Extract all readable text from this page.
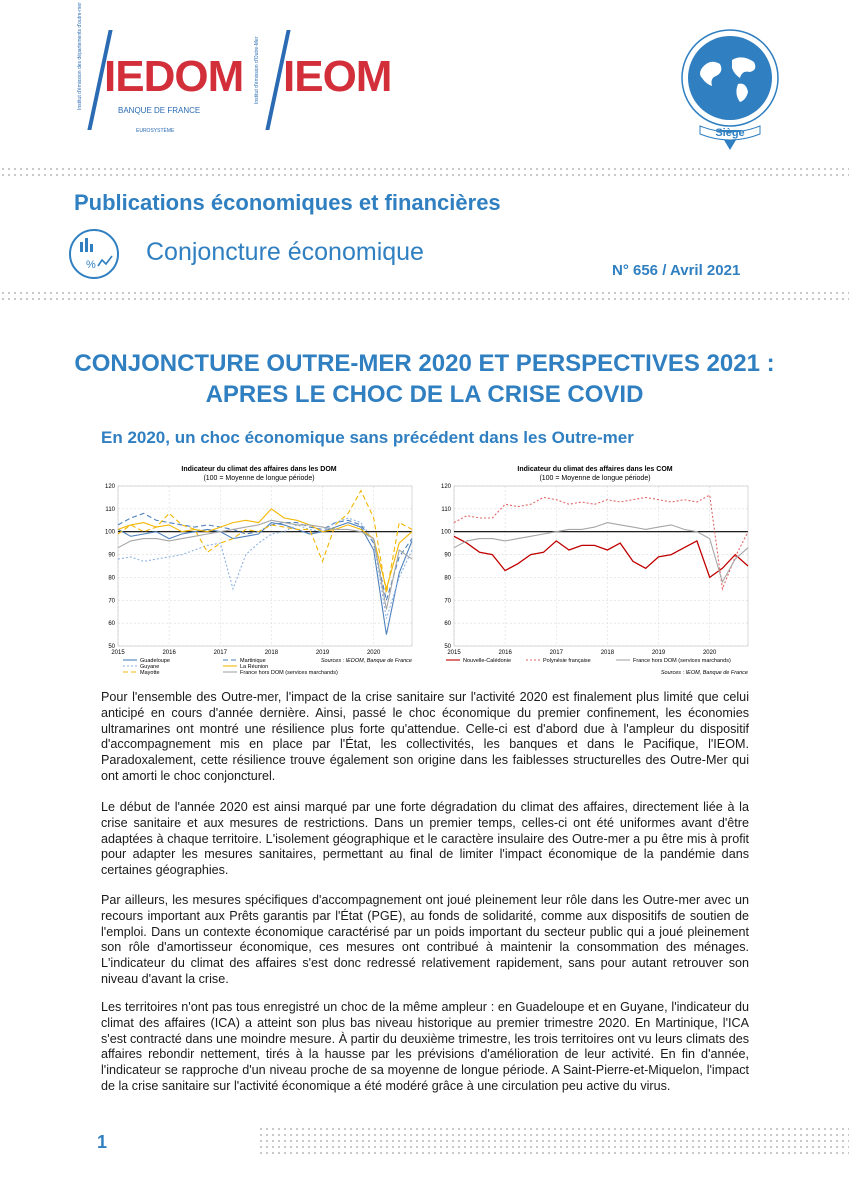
Institut d'émission des départements d'outre-mer IEDOM
BANQUE DE FRANCE
EUROSYSTÈME
Institut d'émission d'Outre-Mer IEOM
Siège
Publications économiques et financières
% Conjoncture économique
N° 656 / Avril 2021
CONJONCTURE OUTRE-MER 2020 ET PERSPECTIVES 2021 :
APRES LE CHOC DE LA CRISE COVID
En 2020, un choc économique sans précédent dans les Outre-mer
Indicateur du climat des affaires dans les DOM
(100 = Moyenne de longue période)
50
60
70
80
90
100
110
120
2015	2016	2017	2018	2019	2020
Guadeloupe	Martinique
Guyane	La Réunion
Mayotte	France hors DOM (services marchands)
Sources : IEDOM, Banque de France
Indicateur du climat des affaires dans les COM
(100 = Moyenne de longue période)
50
60
70
80
90
100
110
120
2015	2016	2017	2018	2019	2020
Nouvelle-Calédonie	Polynésie française	France hors DOM (services marchands)
Sources : IEOM, Banque de France

Pour l'ensemble des Outre-mer, l'impact de la crise sanitaire sur l'activité 2020 est finalement plus limité que celui anticipé en cours d'année dernière. Ainsi, passé le choc économique du premier confinement, les économies ultramarines ont montré une résilience plus forte qu'attendue. Celle-ci est d'abord due à l'ampleur du dispositif d'accompagnement mis en place par l'État, les collectivités, les banques et dans le Pacifique, l'IEOM. Paradoxalement, cette résilience trouve également son origine dans les faiblesses structurelles des Outre-Mer qui ont amorti le choc conjoncturel.

Le début de l'année 2020 est ainsi marqué par une forte dégradation du climat des affaires, directement liée à la crise sanitaire et aux mesures de restrictions. Dans un premier temps, celles-ci ont été uniformes avant d'être adaptées à chaque territoire. L'isolement géographique et le caractère insulaire des Outre-mer a pu être mis à profit pour adapter les mesures sanitaires, permettant au final de limiter l'impact économique de la pandémie dans certaines géographies.

Par ailleurs, les mesures spécifiques d'accompagnement ont joué pleinement leur rôle dans les Outre-mer avec un recours important aux Prêts garantis par l'État (PGE), au fonds de solidarité, comme aux dispositifs de soutien de l'emploi. Dans un contexte économique caractérisé par un poids important du secteur public qui a joué pleinement son rôle d'amortisseur économique, ces mesures ont contribué à maintenir la consommation des ménages. L'indicateur du climat des affaires s'est donc redressé relativement rapidement, sans pour autant retrouver son niveau d'avant la crise.

Les territoires n'ont pas tous enregistré un choc de la même ampleur : en Guadeloupe et en Guyane, l'indicateur du climat des affaires (ICA) a atteint son plus bas niveau historique au premier trimestre 2020. En Martinique, l'ICA s'est contracté dans une moindre mesure. À partir du deuxième trimestre, les trois territoires ont vu leurs climats des affaires rebondir nettement, tirés à la hausse par les prévisions d'amélioration de leur activité. En fin d'année, l'indicateur se rapproche d'un niveau proche de sa moyenne de longue période. A Saint-Pierre-et-Miquelon, l'impact de la crise sanitaire sur l'activité économique a été modéré grâce à une circulation peu active du virus.

1
